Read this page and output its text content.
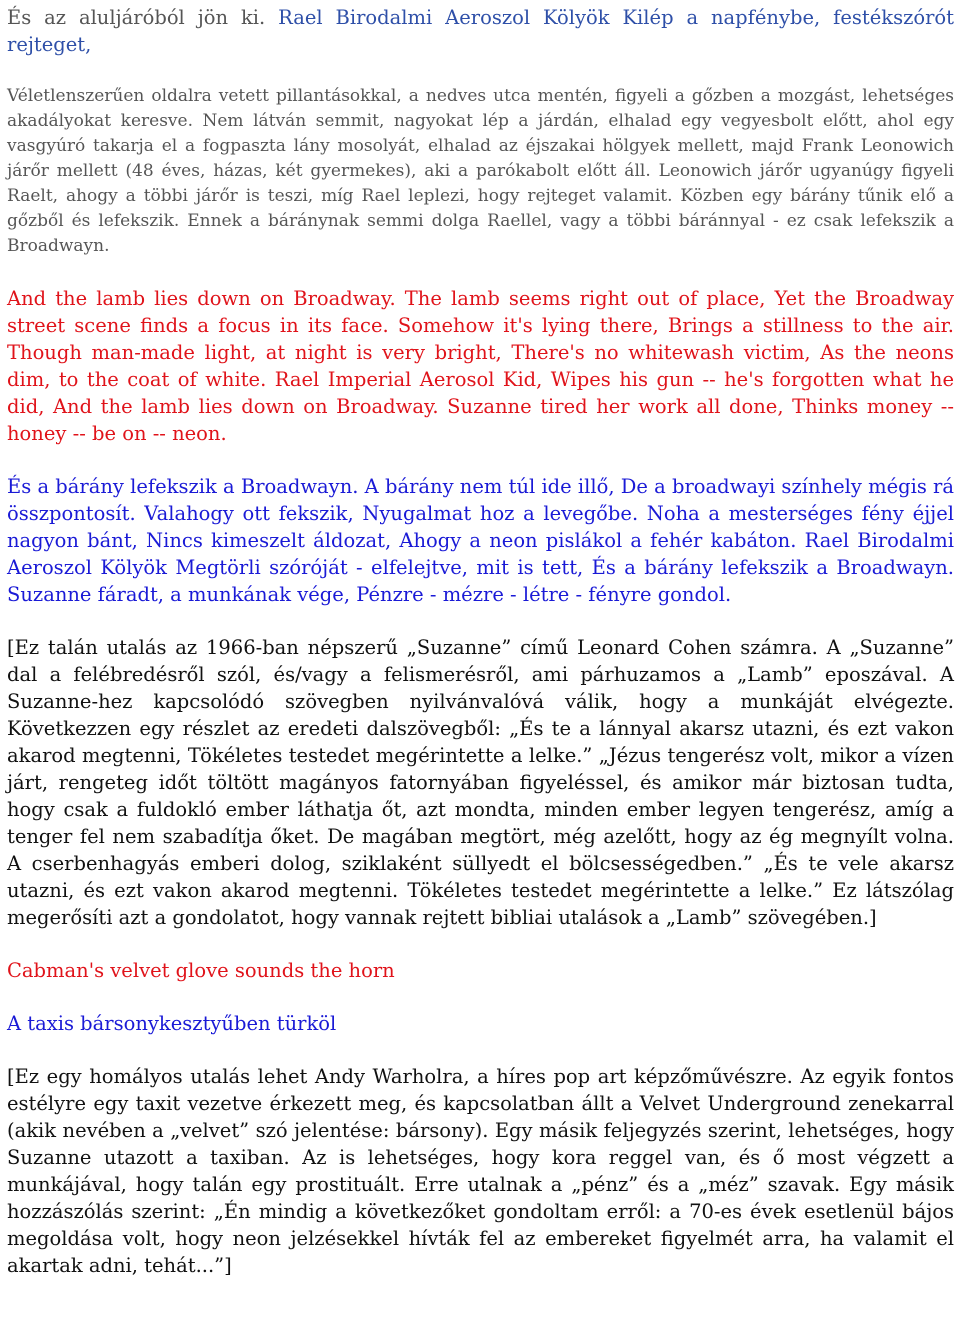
És az aluljáróból jön ki. Rael Birodalmi Aeroszol Kölyök Kilép a napfénybe, festékszórót rejteget,

Véletlenszerűen oldalra vetett pillantásokkal, a nedves utca mentén, figyeli a gőzben a mozgást, lehetséges akadályokat keresve. Nem látván semmit, nagyokat lép a járdán, elhalad egy vegyesbolt előtt, ahol egy vasgyúró takarja el a fogpaszta lány mosolyát, elhalad az éjszakai hölgyek mellett, majd Frank Leonowich járőr mellett (48 éves, házas, két gyermekes), aki a parókabolt előtt áll. Leonowich járőr ugyanúgy figyeli Raelt, ahogy a többi járőr is teszi, míg Rael leplezi, hogy rejteget valamit. Közben egy bárány tűnik elő a gőzből és lefekszik. Ennek a báránynak semmi dolga Raellel, vagy a többi báránnyal - ez csak lefekszik a Broadwayn.

And the lamb lies down on Broadway. The lamb seems right out of place, Yet the Broadway street scene finds a focus in its face. Somehow it's lying there, Brings a stillness to the air. Though man-made light, at night is very bright, There's no whitewash victim, As the neons dim, to the coat of white. Rael Imperial Aerosol Kid, Wipes his gun -- he's forgotten what he did, And the lamb lies down on Broadway. Suzanne tired her work all done, Thinks money -- honey -- be on -- neon.

És a bárány lefekszik a Broadwayn. A bárány nem túl ide illő, De a broadwayi színhely mégis rá összpontosít. Valahogy ott fekszik, Nyugalmat hoz a levegőbe. Noha a mesterséges fény éjjel nagyon bánt, Nincs kimeszelt áldozat, Ahogy a neon pislákol a fehér kabáton. Rael Birodalmi Aeroszol Kölyök Megtörli szóróját - elfelejtve, mit is tett, És a bárány lefekszik a Broadwayn. Suzanne fáradt, a munkának vége, Pénzre - mézre - létre - fényre gondol.

[Ez talán utalás az 1966-ban népszerű „Suzanne” című Leonard Cohen számra. A „Suzanne” dal a felébredésről szól, és/vagy a felismerésről, ami párhuzamos a „Lamb” eposzával. A Suzanne-hez kapcsolódó szövegben nyilvánvalóvá válik, hogy a munkáját elvégezte. Következzen egy részlet az eredeti dalszövegből: „És te a lánnyal akarsz utazni, és ezt vakon akarod megtenni, Tökéletes testedet megérintette a lelke.” „Jézus tengerész volt, mikor a vízen járt, rengeteg időt töltött magányos fatornyában figyeléssel, és amikor már biztosan tudta, hogy csak a fuldokló ember láthatja őt, azt mondta, minden ember legyen tengerész, amíg a tenger fel nem szabadítja őket. De magában megtört, még azelőtt, hogy az ég megnyílt volna. A cserbenhagyás emberi dolog, sziklaként süllyedt el bölcsességedben.” „És te vele akarsz utazni, és ezt vakon akarod megtenni. Tökéletes testedet megérintette a lelke.” Ez látszólag megerősíti azt a gondolatot, hogy vannak rejtett bibliai utalások a „Lamb” szövegében.]

Cabman's velvet glove sounds the horn

A taxis bársonykesztyűben türköl

[Ez egy homályos utalás lehet Andy Warholra, a híres pop art képzőművészre. Az egyik fontos estélyre egy taxit vezetve érkezett meg, és kapcsolatban állt a Velvet Underground zenekarral (akik nevében a „velvet” szó jelentése: bársony). Egy másik feljegyzés szerint, lehetséges, hogy Suzanne utazott a taxiban. Az is lehetséges, hogy kora reggel van, és ő most végzett a munkájával, hogy talán egy prostituált. Erre utalnak a „pénz” és a „méz” szavak. Egy másik hozzászólás szerint: „Én mindig a következőket gondoltam erről: a 70-es évek esetlenül bájos megoldása volt, hogy neon jelzésekkel hívták fel az embereket figyelmét arra, ha valamit el akartak adni, tehát...”]
